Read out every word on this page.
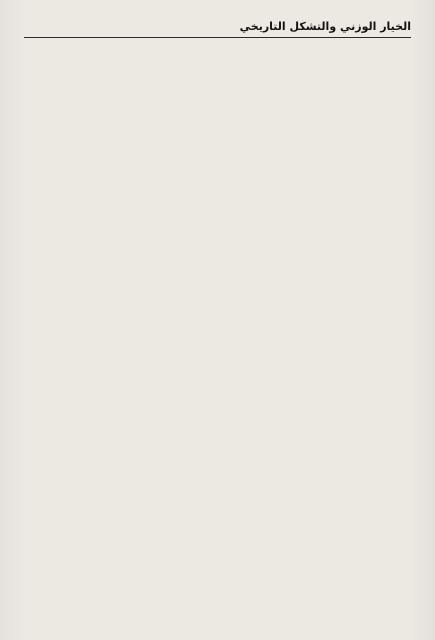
الخيار الوزني والتشكل التاريخي
